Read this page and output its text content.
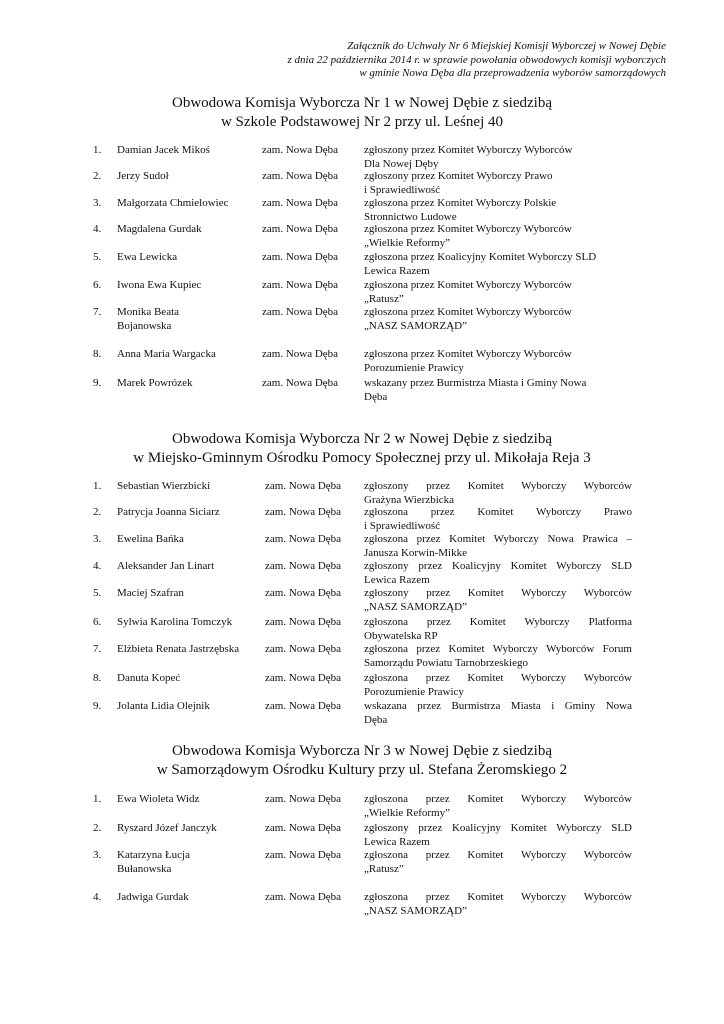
Załącznik do Uchwały Nr 6 Miejskiej Komisji Wyborczej w Nowej Dębie
z dnia 22 października 2014 r. w sprawie powołania obwodowych komisji wyborczych
w gminie Nowa Dęba dla przeprowadzenia wyborów samorządowych
Obwodowa Komisja Wyborcza Nr 1 w Nowej Dębie z siedzibą
w Szkole Podstawowej Nr 2 przy ul. Leśnej 40
1.	Damian Jacek Mikoś	zam. Nowa Dęba	zgłoszony przez Komitet Wyborczy Wyborców
Dla Nowej Dęby
2.	Jerzy Sudoł	zam. Nowa Dęba	zgłoszony przez Komitet Wyborczy Prawo
i Sprawiedliwość
3.	Małgorzata Chmielowiec	zam. Nowa Dęba	zgłoszona przez Komitet Wyborczy Polskie
Stronnictwo Ludowe
4.	Magdalena Gurdak	zam. Nowa Dęba	zgłoszona przez Komitet Wyborczy Wyborców
„Wielkie Reformy”
5.	Ewa Lewicka	zam. Nowa Dęba	zgłoszona przez Koalicyjny Komitet Wyborczy SLD
Lewica Razem
6.	Iwona Ewa Kupiec	zam. Nowa Dęba	zgłoszona przez Komitet Wyborczy Wyborców
„Ratusz”
7.	Monika Beata
Bojanowska
zam. Nowa Dęba	zgłoszona przez Komitet Wyborczy Wyborców
„NASZ SAMORZĄD”
8.	Anna Maria Wargacka	zam. Nowa Dęba	zgłoszona przez Komitet Wyborczy Wyborców
Porozumienie Prawicy
9.	Marek Powrózek	zam. Nowa Dęba	wskazany przez Burmistrza Miasta i Gminy Nowa
Dęba
Obwodowa Komisja Wyborcza Nr 2 w Nowej Dębie z siedzibą
w Miejsko-Gminnym Ośrodku Pomocy Społecznej przy ul. Mikołaja Reja 3
1.	Sebastian Wierzbicki	zam. Nowa Dęba	zgłoszony przez Komitet Wyborczy Wyborców
Grażyna Wierzbicka
2.	Patrycja Joanna Siciarz	zam. Nowa Dęba	zgłoszona przez Komitet Wyborczy Prawo
i Sprawiedliwość
3.	Ewelina Bańka	zam. Nowa Dęba	zgłoszona przez Komitet Wyborczy Nowa Prawica –
Janusza Korwin-Mikke
4.	Aleksander Jan Linart	zam. Nowa Dęba	zgłoszony przez Koalicyjny Komitet Wyborczy SLD
Lewica Razem
5.	Maciej Szafran	zam. Nowa Dęba	zgłoszony przez Komitet Wyborczy Wyborców
„NASZ SAMORZĄD”
6.	Sylwia Karolina Tomczyk	zam. Nowa Dęba	zgłoszona przez Komitet Wyborczy Platforma
Obywatelska RP
7.	Elżbieta Renata Jastrzębska	zam. Nowa Dęba	zgłoszona przez Komitet Wyborczy Wyborców Forum
Samorządu Powiatu Tarnobrzeskiego
8.	Danuta Kopeć	zam. Nowa Dęba	zgłoszona przez Komitet Wyborczy Wyborców
Porozumienie Prawicy
9.	Jolanta Lidia Olejnik	zam. Nowa Dęba	wskazana przez Burmistrza Miasta i Gminy Nowa
Dęba
Obwodowa Komisja Wyborcza Nr 3 w Nowej Dębie z siedzibą
w Samorządowym Ośrodku Kultury przy ul. Stefana Żeromskiego 2
1.	Ewa Wioleta Widz	zam. Nowa Dęba	zgłoszona przez Komitet Wyborczy Wyborców
„Wielkie Reformy”
2.	Ryszard Józef Janczyk	zam. Nowa Dęba	zgłoszony przez Koalicyjny Komitet Wyborczy SLD
Lewica Razem
3.	Katarzyna Łucja
Bułanowska
zam. Nowa Dęba	zgłoszona przez Komitet Wyborczy Wyborców
„Ratusz”
4.	Jadwiga Gurdak	zam. Nowa Dęba	zgłoszona przez Komitet Wyborczy Wyborców
„NASZ SAMORZĄD”
